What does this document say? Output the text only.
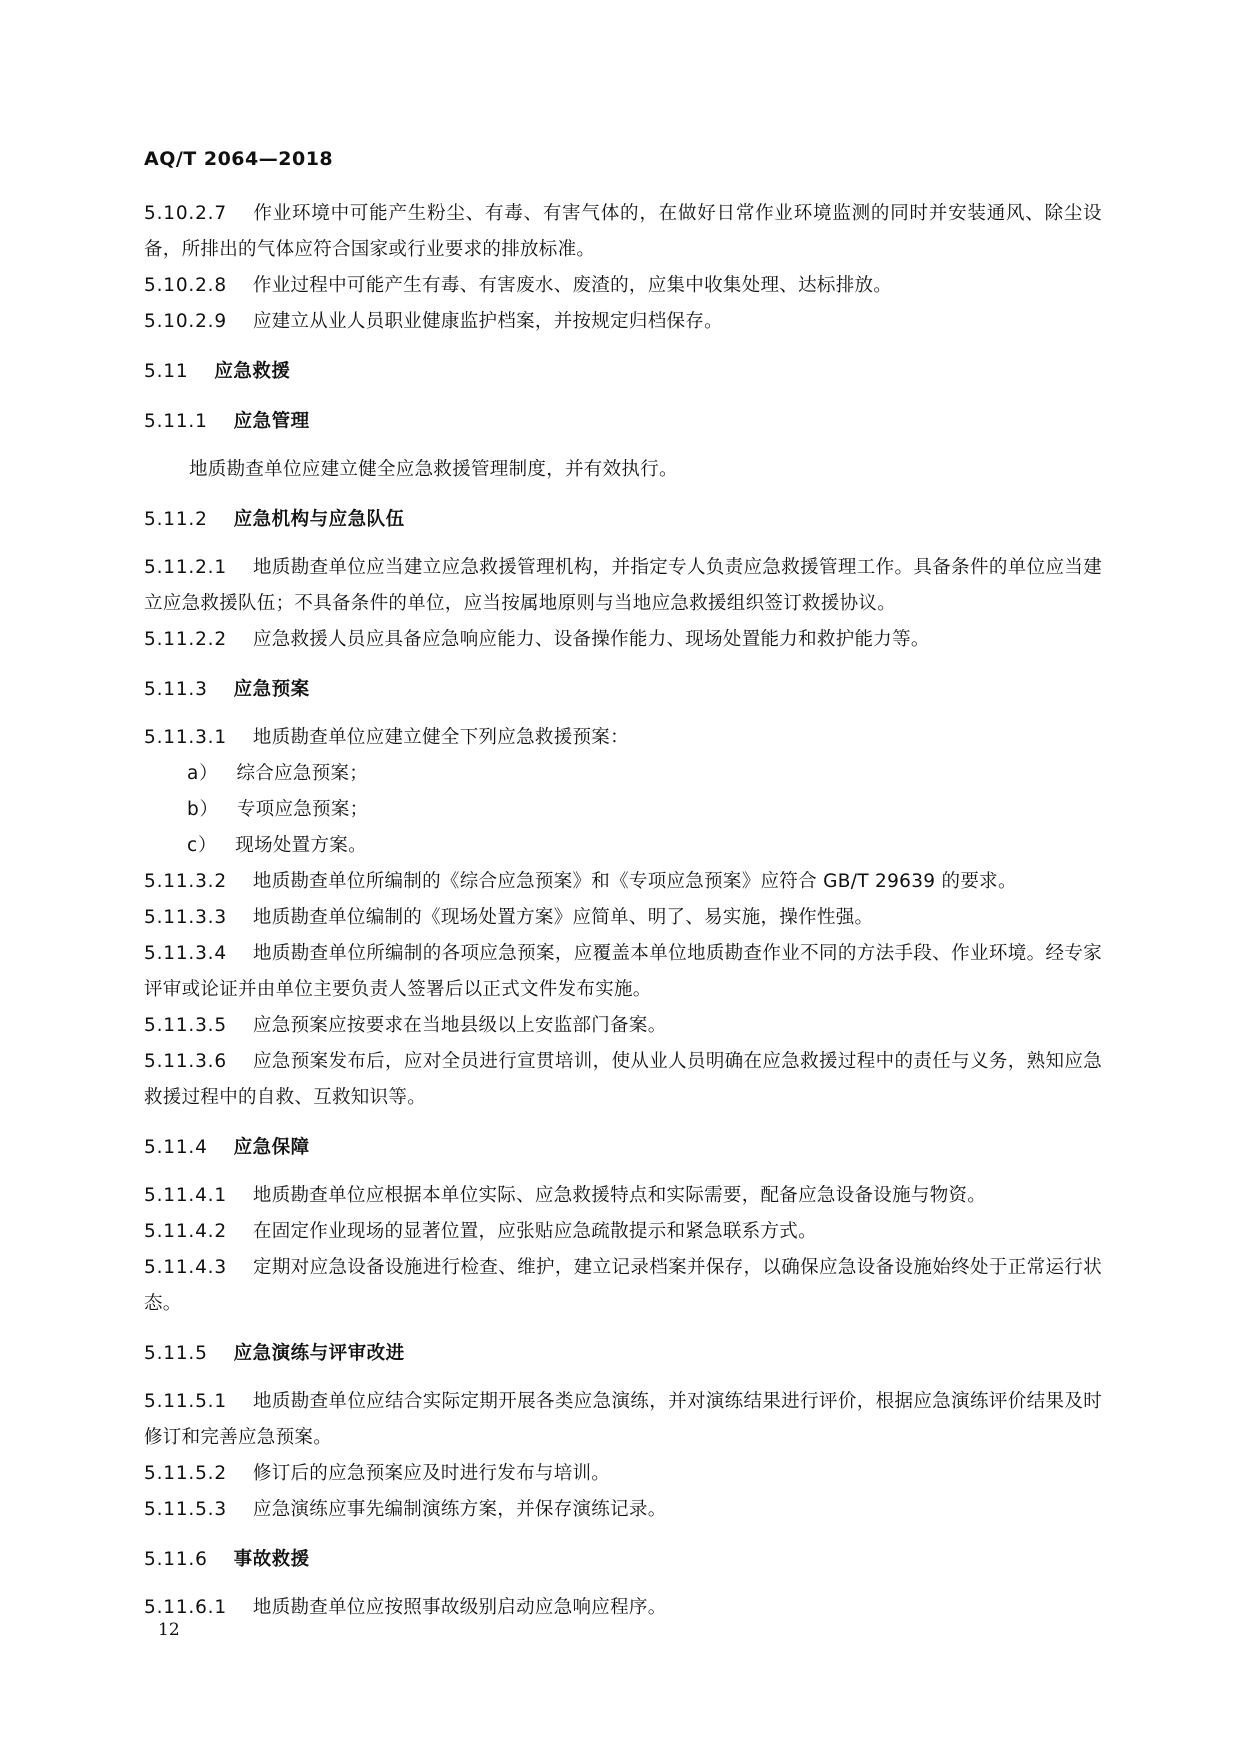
AQ/T 2064—2018
5.10.2.7 作业环境中可能产生粉尘、有毒、有害气体的，在做好日常作业环境监测的同时并安装通风、除尘设备，所排出的气体应符合国家或行业要求的排放标准。
5.10.2.8 作业过程中可能产生有毒、有害废水、废渣的，应集中收集处理、达标排放。
5.10.2.9 应建立从业人员职业健康监护档案，并按规定归档保存。
5.11 应急救援
5.11.1 应急管理
地质勘查单位应建立健全应急救援管理制度，并有效执行。
5.11.2 应急机构与应急队伍
5.11.2.1 地质勘查单位应当建立应急救援管理机构，并指定专人负责应急救援管理工作。具备条件的单位应当建立应急救援队伍；不具备条件的单位，应当按属地原则与当地应急救援组织签订救援协议。
5.11.2.2 应急救援人员应具备应急响应能力、设备操作能力、现场处置能力和救护能力等。
5.11.3 应急预案
5.11.3.1 地质勘查单位应建立健全下列应急救援预案：
a） 综合应急预案；
b） 专项应急预案；
c） 现场处置方案。
5.11.3.2 地质勘查单位所编制的《综合应急预案》和《专项应急预案》应符合 GB/T 29639 的要求。
5.11.3.3 地质勘查单位编制的《现场处置方案》应简单、明了、易实施，操作性强。
5.11.3.4 地质勘查单位所编制的各项应急预案，应覆盖本单位地质勘查作业不同的方法手段、作业环境。经专家评审或论证并由单位主要负责人签署后以正式文件发布实施。
5.11.3.5 应急预案应按要求在当地县级以上安监部门备案。
5.11.3.6 应急预案发布后，应对全员进行宣贯培训，使从业人员明确在应急救援过程中的责任与义务，熟知应急救援过程中的自救、互救知识等。
5.11.4 应急保障
5.11.4.1 地质勘查单位应根据本单位实际、应急救援特点和实际需要，配备应急设备设施与物资。
5.11.4.2 在固定作业现场的显著位置，应张贴应急疏散提示和紧急联系方式。
5.11.4.3 定期对应急设备设施进行检查、维护，建立记录档案并保存，以确保应急设备设施始终处于正常运行状态。
5.11.5 应急演练与评审改进
5.11.5.1 地质勘查单位应结合实际定期开展各类应急演练，并对演练结果进行评价，根据应急演练评价结果及时修订和完善应急预案。
5.11.5.2 修订后的应急预案应及时进行发布与培训。
5.11.5.3 应急演练应事先编制演练方案，并保存演练记录。
5.11.6 事故救援
5.11.6.1 地质勘查单位应按照事故级别启动应急响应程序。
12
